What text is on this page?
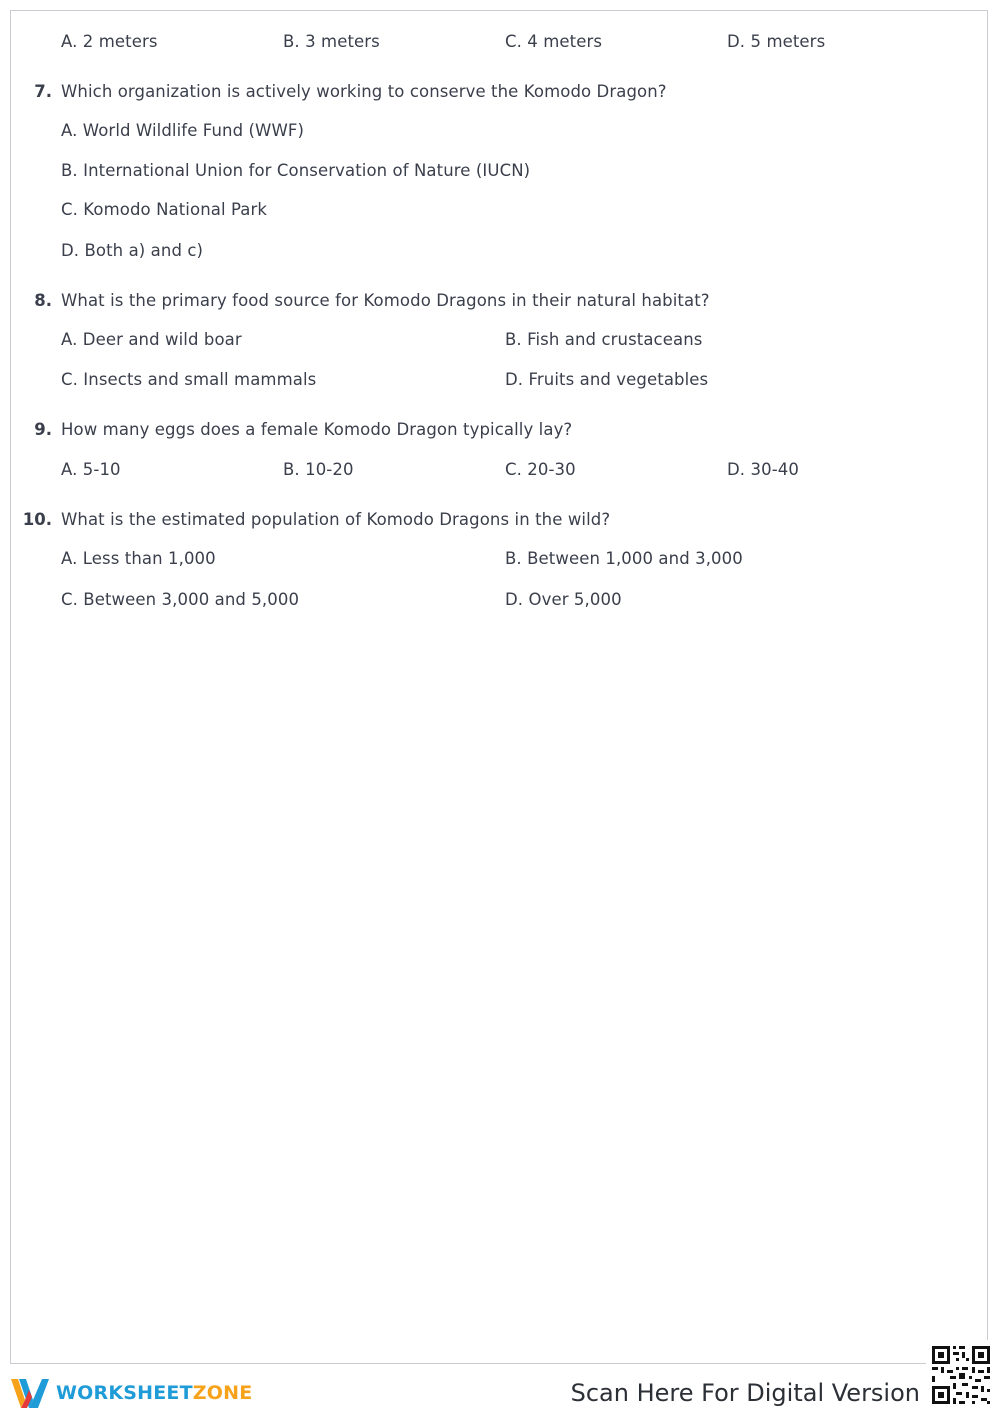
A. 2 meters	B. 3 meters	C. 4 meters	D. 5 meters
7. Which organization is actively working to conserve the Komodo Dragon?
A. World Wildlife Fund (WWF)
B. International Union for Conservation of Nature (IUCN)
C. Komodo National Park
D. Both a) and c)
8. What is the primary food source for Komodo Dragons in their natural habitat?
A. Deer and wild boar	B. Fish and crustaceans
C. Insects and small mammals	D. Fruits and vegetables
9. How many eggs does a female Komodo Dragon typically lay?
A. 5-10	B. 10-20	C. 20-30	D. 30-40
10. What is the estimated population of Komodo Dragons in the wild?
A. Less than 1,000	B. Between 1,000 and 3,000
C. Between 3,000 and 5,000	D. Over 5,000
WORKSHEETZONE	Scan Here For Digital Version
